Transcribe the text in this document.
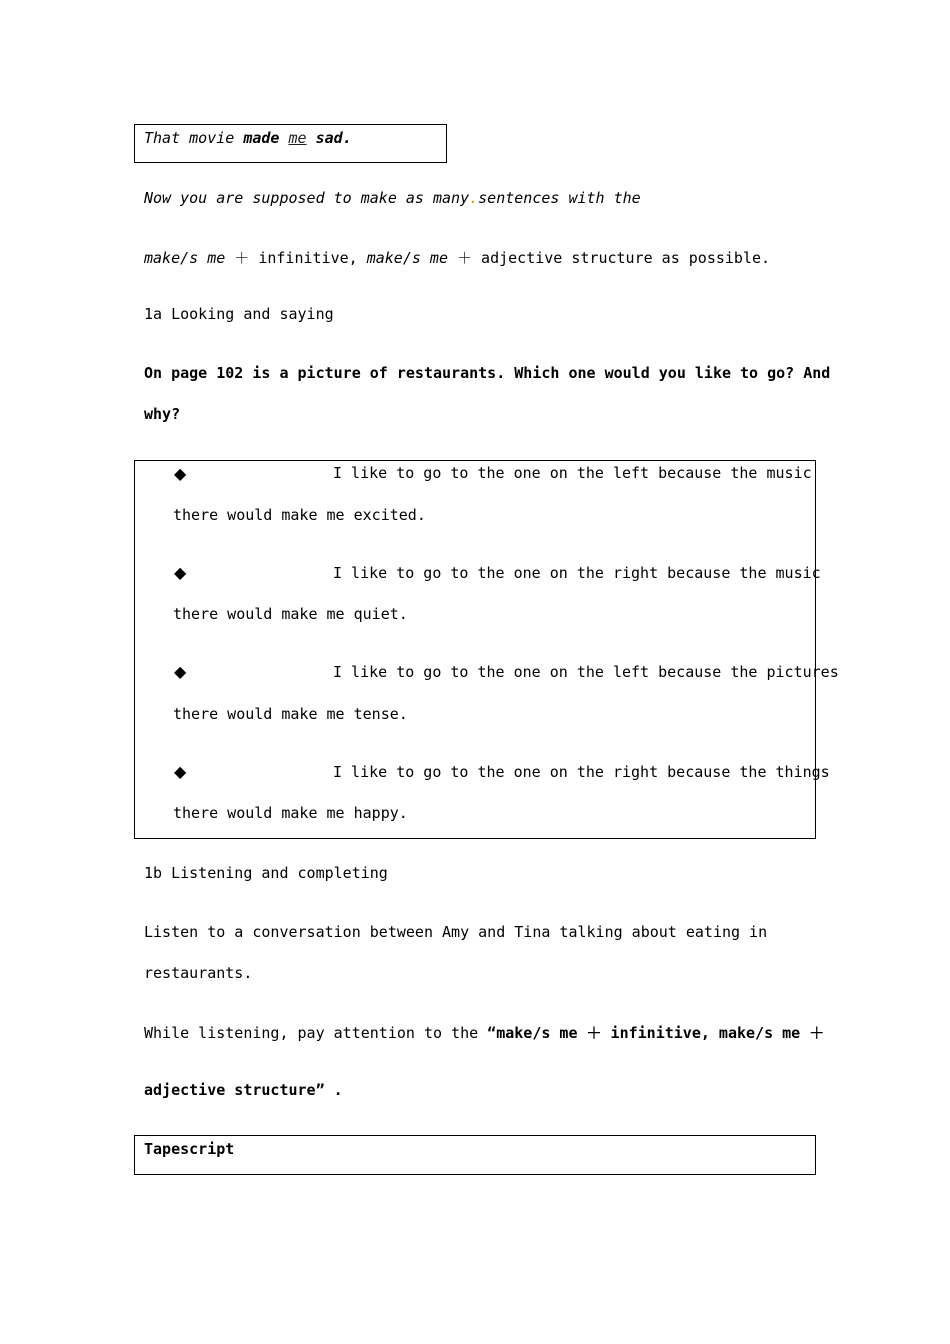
That movie made me sad.
Now you are supposed to make as many.sentences with the
make/s me ＋ infinitive, make/s me ＋ adjective structure as possible.
1a Looking and saying
On page 102 is a picture of restaurants. Which one would you like to go? And
why?
◆	I like to go to the one on the left because the music
there would make me excited.
◆	I like to go to the one on the right because the music
there would make me quiet.
◆	I like to go to the one on the left because the pictures
there would make me tense.
◆	I like to go to the one on the right because the things
there would make me happy.
1b Listening and completing
Listen to a conversation between Amy and Tina talking about eating in
restaurants.
While listening, pay attention to the “make/s me ＋ infinitive, make/s me ＋
adjective structure” .
Tapescript
